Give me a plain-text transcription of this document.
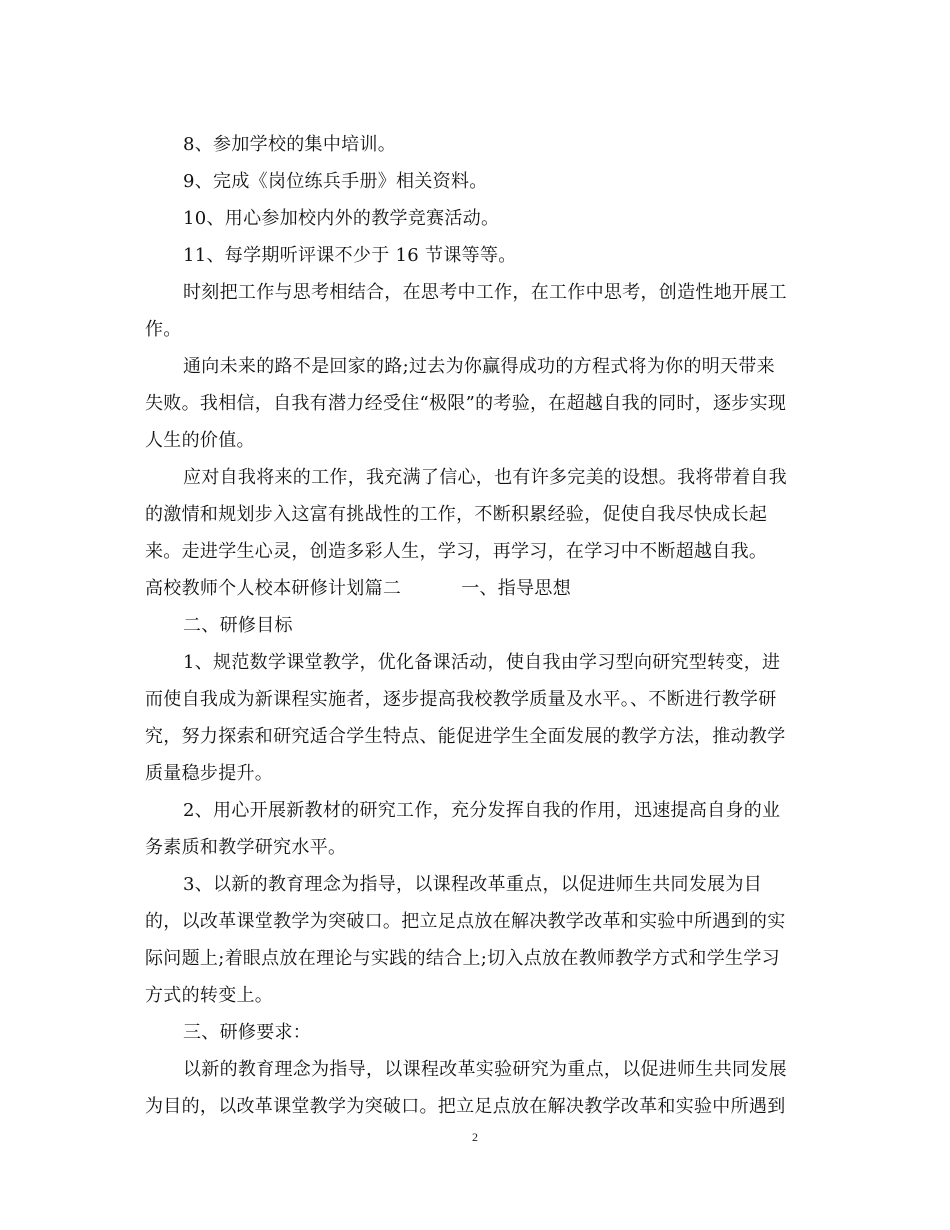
8、参加学校的集中培训。
9、完成《岗位练兵手册》相关资料。
10、用心参加校内外的教学竞赛活动。
11、每学期听评课不少于 16 节课等等。
时刻把工作与思考相结合，在思考中工作，在工作中思考，创造性地开展工
作。
通向未来的路不是回家的路;过去为你赢得成功的方程式将为你的明天带来
失败。我相信，自我有潜力经受住“极限”的考验，在超越自我的同时，逐步实现
人生的价值。
应对自我将来的工作，我充满了信心，也有许多完美的设想。我将带着自我
的激情和规划步入这富有挑战性的工作，不断积累经验，促使自我尽快成长起
来。走进学生心灵，创造多彩人生，学习，再学习，在学习中不断超越自我。
高校教师个人校本研修计划篇二	一、指导思想
二、研修目标
1、规范数学课堂教学，优化备课活动，使自我由学习型向研究型转变，进
而使自我成为新课程实施者，逐步提高我校教学质量及水平。、不断进行教学研
究，努力探索和研究适合学生特点、能促进学生全面发展的教学方法，推动教学
质量稳步提升。
2、用心开展新教材的研究工作，充分发挥自我的作用，迅速提高自身的业
务素质和教学研究水平。
3、以新的教育理念为指导，以课程改革重点，以促进师生共同发展为目
的，以改革课堂教学为突破口。把立足点放在解决教学改革和实验中所遇到的实
际问题上;着眼点放在理论与实践的结合上;切入点放在教师教学方式和学生学习
方式的转变上。
三、研修要求：
以新的教育理念为指导，以课程改革实验研究为重点，以促进师生共同发展
为目的，以改革课堂教学为突破口。把立足点放在解决教学改革和实验中所遇到
2
